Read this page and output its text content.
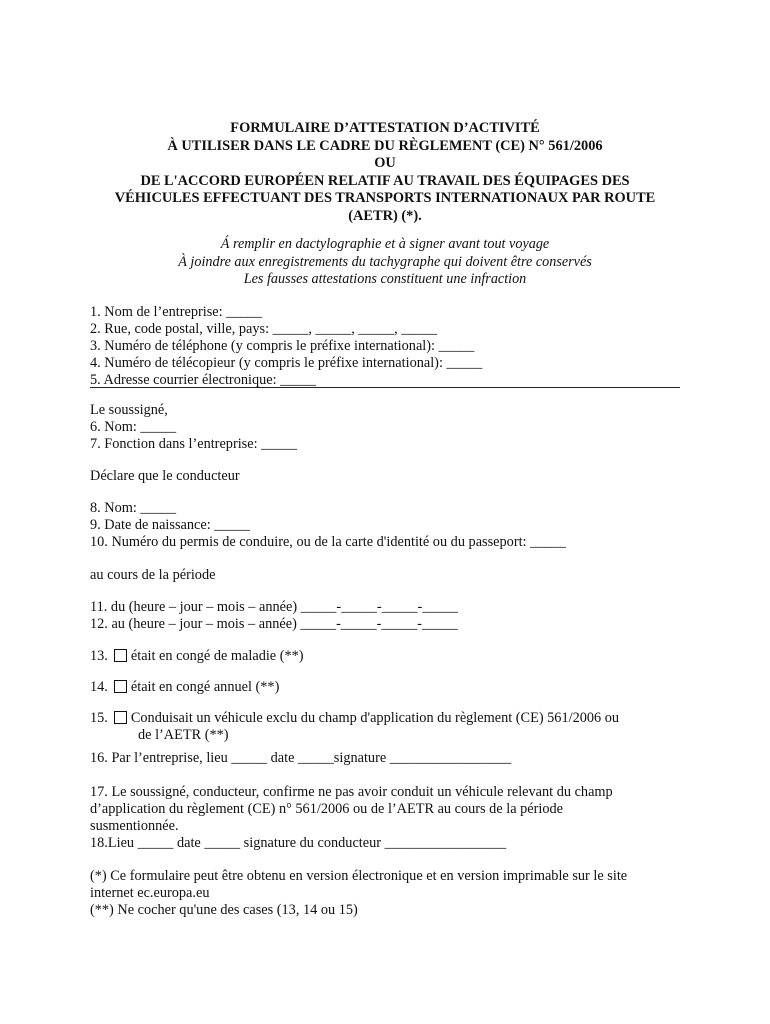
FORMULAIRE D’ATTESTATION D’ACTIVITÉ
À UTILISER DANS LE CADRE DU RÈGLEMENT (CE) N° 561/2006
OU
DE L'ACCORD EUROPÉEN RELATIF AU TRAVAIL DES ÉQUIPAGES DES
VÉHICULES EFFECTUANT DES TRANSPORTS INTERNATIONAUX PAR ROUTE
(AETR) (*).
Á remplir en dactylographie et à signer avant tout voyage
À joindre aux enregistrements du tachygraphe qui doivent être conservés
Les fausses attestations constituent une infraction
1. Nom de l’entreprise: _____
2. Rue, code postal, ville, pays: _____, _____, _____, _____
3. Numéro de téléphone (y compris le préfixe international): _____
4. Numéro de télécopieur (y compris le préfixe international): _____
5. Adresse courrier électronique: _____
Le soussigné,
6. Nom: _____
7. Fonction dans l’entreprise: _____
Déclare que le conducteur
8. Nom: _____
9. Date de naissance: _____
10. Numéro du permis de conduire, ou de la carte d'identité ou du passeport: _____
au cours de la période
11. du (heure – jour – mois – année) _____-_____-_____-_____
12. au (heure – jour – mois – année) _____-_____-_____-_____
13. était en congé de maladie (**)
14. était en congé annuel (**)
15. Conduisait un véhicule exclu du champ d'application du règlement (CE) 561/2006 ou
de l’AETR (**)
16. Par l’entreprise, lieu _____ date _____signature _________________
17. Le soussigné, conducteur, confirme ne pas avoir conduit un véhicule relevant du champ
d’application du règlement (CE) n° 561/2006 ou de l’AETR au cours de la période
susmentionnée.
18.Lieu _____ date _____ signature du conducteur _________________
(*) Ce formulaire peut être obtenu en version électronique et en version imprimable sur le site
internet ec.europa.eu
(**) Ne cocher qu'une des cases (13, 14 ou 15)
